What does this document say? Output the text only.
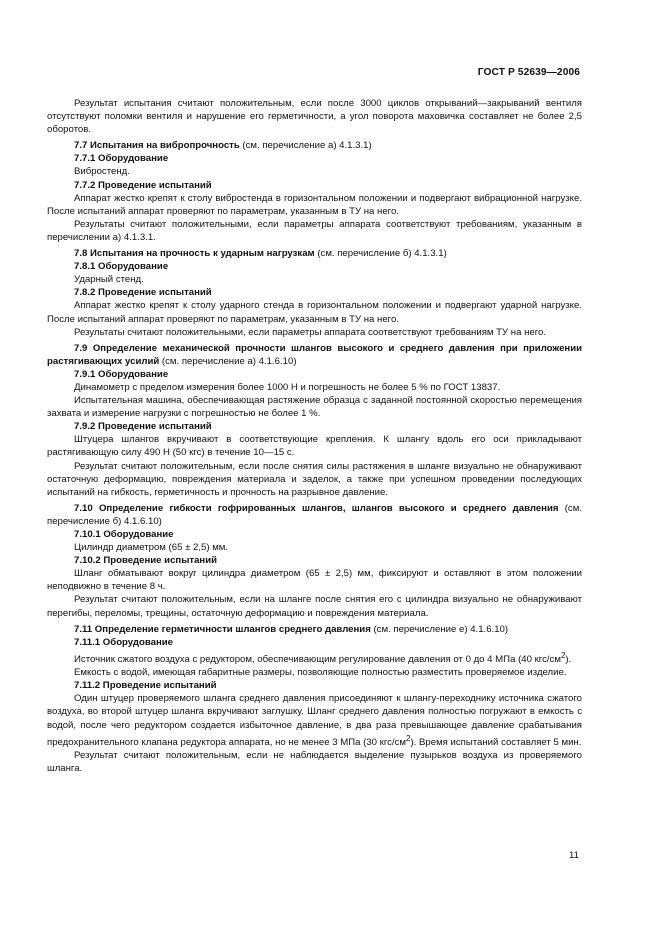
ГОСТ Р 52639—2006

Результат испытания считают положительным, если после 3000 циклов открываний—закрываний вентиля отсутствуют поломки вентиля и нарушение его герметичности, а угол поворота маховичка составляет не более 2,5 оборотов.

7.7 Испытания на вибропрочность (см. перечисление а) 4.1.3.1)

7.7.1 Оборудование

Вибростенд.

7.7.2 Проведение испытаний

Аппарат жестко крепят к столу вибростенда в горизонтальном положении и подвергают вибрационной нагрузке. После испытаний аппарат проверяют по параметрам, указанным в ТУ на него.

Результаты считают положительными, если параметры аппарата соответствуют требованиям, указанным в перечислении а) 4.1.3.1.

7.8 Испытания на прочность к ударным нагрузкам (см. перечисление б) 4.1.3.1)

7.8.1 Оборудование

Ударный стенд.

7.8.2 Проведение испытаний

Аппарат жестко крепят к столу ударного стенда в горизонтальном положении и подвергают ударной нагрузке. После испытаний аппарат проверяют по параметрам, указанным в ТУ на него.

Результаты считают положительными, если параметры аппарата соответствуют требованиям ТУ на него.

7.9 Определение механической прочности шлангов высокого и среднего давления при приложении растягивающих усилий (см. перечисление а) 4.1.6.10)

7.9.1 Оборудование

Динамометр с пределом измерения более 1000 Н и погрешность не более 5 % по ГОСТ 13837.

Испытательная машина, обеспечивающая растяжение образца с заданной постоянной скоростью перемещения захвата и измерение нагрузки с погрешностью не более 1 %.

7.9.2 Проведение испытаний

Штуцера шлангов вкручивают в соответствующие крепления. К шлангу вдоль его оси прикладывают растягивающую силу 490 Н (50 кгс) в течение 10—15 с.

Результат считают положительным, если после снятия силы растяжения в шланге визуально не обнаруживают остаточную деформацию, повреждения материала и заделок, а также при успешном проведении последующих испытаний на гибкость, герметичность и прочность на разрывное давление.

7.10 Определение гибкости гофрированных шлангов, шлангов высокого и среднего давления (см. перечисление б) 4.1.6.10)

7.10.1 Оборудование

Цилиндр диаметром (65 ± 2,5) мм.

7.10.2 Проведение испытаний

Шланг обматывают вокруг цилиндра диаметром (65 ± 2,5) мм, фиксируют и оставляют в этом положении неподвижно в течение 8 ч.

Результат считают положительным, если на шланге после снятия его с цилиндра визуально не обнаруживают перегибы, переломы, трещины, остаточную деформацию и повреждения материала.

7.11 Определение герметичности шлангов среднего давления (см. перечисление е) 4.1.6.10)

7.11.1 Оборудование

Источник сжатого воздуха с редуктором, обеспечивающим регулирование давления от 0 до 4 МПа (40 кгс/$см^2$).

Емкость с водой, имеющая габаритные размеры, позволяющие полностью разместить проверяемое изделие.

7.11.2 Проведение испытаний

Один штуцер проверяемого шланга среднего давления присоединяют к шлангу-переходнику источника сжатого воздуха, во второй штуцер шланга вкручивают заглушку. Шланг среднего давления полностью погружают в емкость с водой, после чего редуктором создается избыточное давление, в два раза превышающее давление срабатывания предохранительного клапана редуктора аппарата, но не менее 3 МПа (30 кгс/$см^2$). Время испытаний составляет 5 мин.

Результат считают положительным, если не наблюдается выделение пузырьков воздуха из проверяемого шланга.

11
